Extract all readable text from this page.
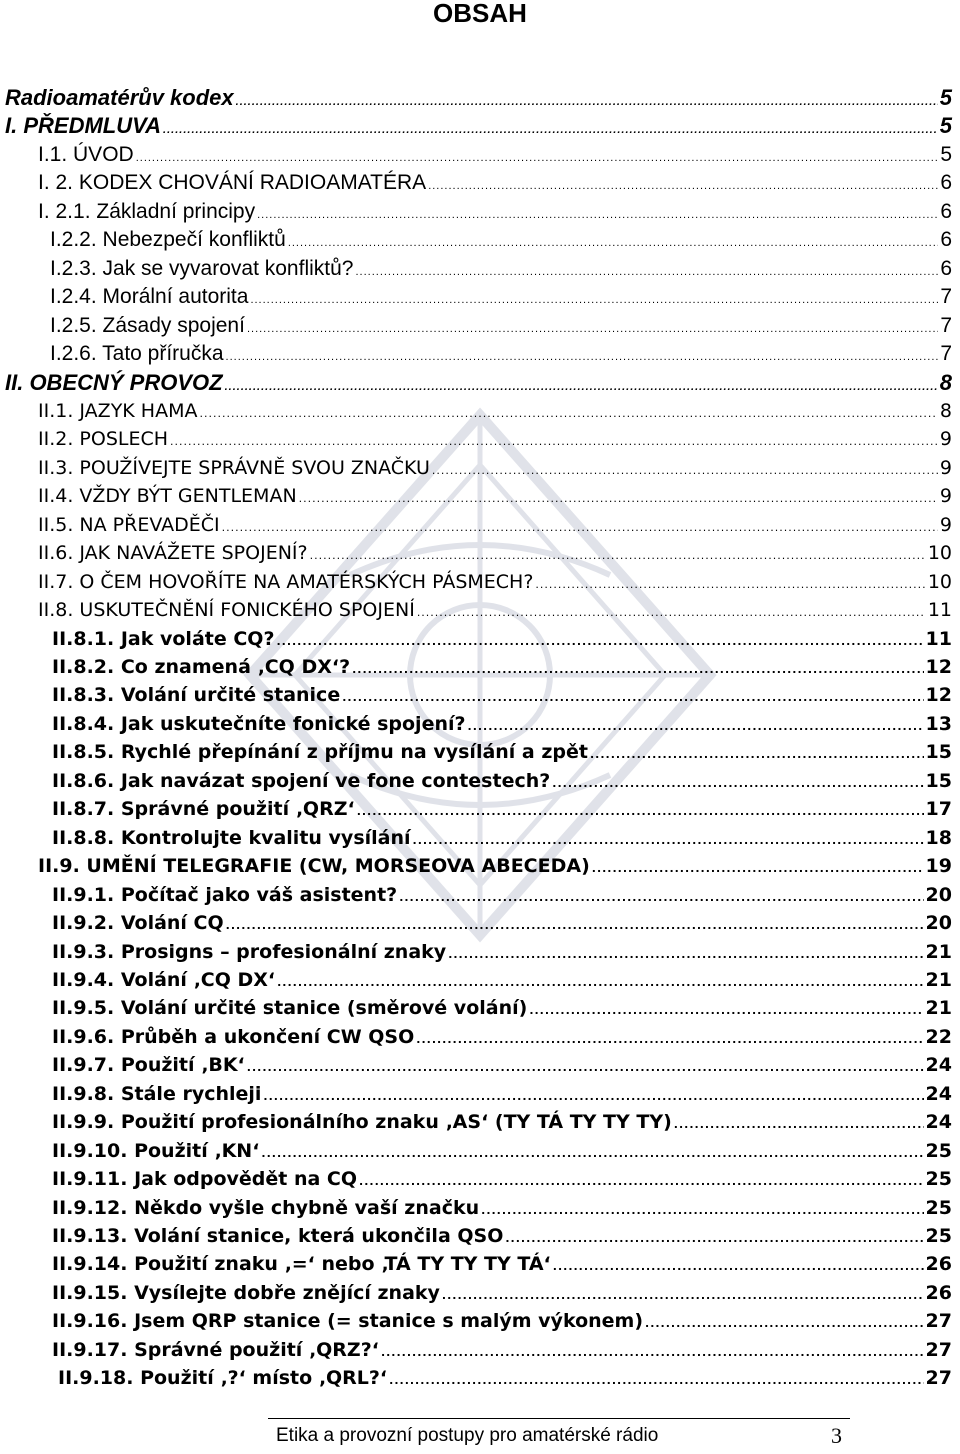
OBSAH
Radioamatérův kodex .....	5
I. PŘEDMLUVA .....	5
I.1. ÚVOD .....	5
I. 2. KODEX CHOVÁNÍ RADIOAMATÉRA .....	6
I. 2.1. Základní principy .....	6
I.2.2. Nebezpečí konfliktů .....	6
I.2.3. Jak se vyvarovat konfliktů? .....	6
I.2.4. Morální autorita .....	7
I.2.5. Zásady spojení .....	7
I.2.6. Tato příručka .....	7
II. OBECNÝ PROVOZ .....	8
II.1. JAZYK HAMA .....	8
II.2. POSLECH .....	9
II.3. POUŽÍVEJTE SPRÁVNĚ SVOU ZNAČKU .....	9
II.4. VŽDY BÝT GENTLEMAN .....	9
II.5. NA PŘEVADĚČI .....	9
II.6. JAK NAVÁŽETE SPOJENÍ? .....	10
II.7. O ČEM HOVOŘÍTE NA AMATÉRSKÝCH PÁSMECH? .....	10
II.8. USKUTEČNĚNÍ FONICKÉHO SPOJENÍ .....	11
II.8.1. Jak voláte CQ? .....	11
II.8.2. Co znamená ‚CQ DX‘? .....	12
II.8.3. Volání určité stanice .....	12
II.8.4. Jak uskutečníte fonické spojení? .....	13
II.8.5. Rychlé přepínání z příjmu na vysílání a zpět .....	15
II.8.6. Jak navázat spojení ve fone contestech? .....	15
II.8.7. Správné použití ‚QRZ‘ .....	17
II.8.8. Kontrolujte kvalitu vysílání .....	18
II.9. UMĚNÍ TELEGRAFIE (CW, MORSEOVA ABECEDA) .....	19
II.9.1. Počítač jako váš asistent? .....	20
II.9.2. Volání CQ .....	20
II.9.3. Prosigns – profesionální znaky .....	21
II.9.4. Volání ‚CQ DX‘ .....	21
II.9.5. Volání určité stanice (směrové volání) .....	21
II.9.6. Průběh a ukončení CW QSO .....	22
II.9.7. Použití ‚BK‘ .....	24
II.9.8. Stále rychleji .....	24
II.9.9. Použití profesionálního znaku ‚AS‘ (TY TÁ TY TY TY) .....	24
II.9.10. Použití ‚KN‘ .....	25
II.9.11. Jak odpovědět na CQ .....	25
II.9.12. Někdo vyšle chybně vaší značku .....	25
II.9.13. Volání stanice, která ukončila QSO .....	25
II.9.14. Použití znaku ‚=‘ nebo ‚TÁ TY TY TY TÁ‘ .....	26
II.9.15. Vysílejte dobře znějící znaky .....	26
II.9.16. Jsem QRP stanice (= stanice s malým výkonem) .....	27
II.9.17. Správné použití ‚QRZ?‘ .....	27
II.9.18. Použití ‚?‘ místo ‚QRL?‘ .....	27
Etika a provozní postupy pro amatérské rádio	3
